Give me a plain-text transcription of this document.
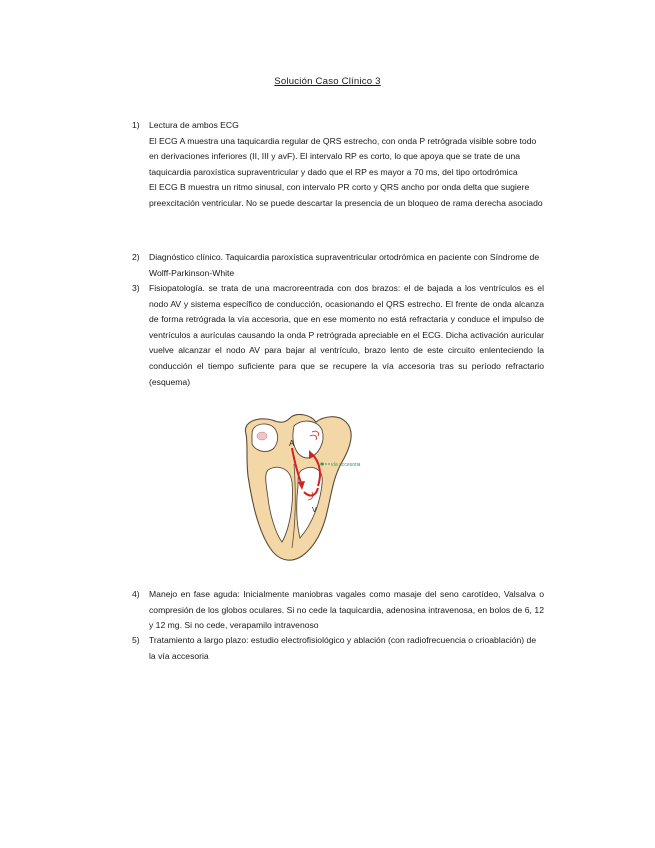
Solución Caso Clínico 3
1)	Lectura de ambos ECG

El ECG A muestra una taquicardia regular de QRS estrecho, con onda P retrógrada visible sobre todo en derivaciones inferiores (II, III y avF). El intervalo RP es corto, lo que apoya que se trate de una taquicardia paroxística supraventricular y dado que el RP es mayor a 70 ms, del tipo ortodrómica

El ECG B muestra un ritmo sinusal, con intervalo PR corto y QRS ancho por onda delta que sugiere preexcitación ventricular. No se puede descartar la presencia de un bloqueo de rama derecha asociado

2)	Diagnóstico clínico. Taquicardia paroxística supraventricular ortodrómica en paciente con Síndrome de Wolff-Parkinson-White

3)	Fisiopatología. se trata de una macroreentrada con dos brazos: el de bajada a los ventrículos es el nodo AV y sistema específico de conducción, ocasionando el QRS estrecho. El frente de onda alcanza de forma retrógrada la vía accesoria, que en ese momento no está refractaria y conduce el impulso de ventrículos a aurículas causando la onda P retrógrada apreciable en el ECG. Dicha activación auricular vuelve alcanzar el nodo AV para bajar al ventrículo, brazo lento de este circuito enlenteciendo la conducción el tiempo suficiente para que se recupere la vía accesoria tras su período refractario (esquema)

A
V
vía accesoria
4)	Manejo en fase aguda: Inicialmente maniobras vagales como masaje del seno carotídeo, Valsalva o compresión de los globos oculares. Si no cede la taquicardia, adenosina intravenosa, en bolos de 6, 12 y 12 mg. Si no cede, verapamilo intravenoso

5)	Tratamiento a largo plazo: estudio electrofisiológico y ablación (con radiofrecuencia o crioablación) de la vía accesoria
